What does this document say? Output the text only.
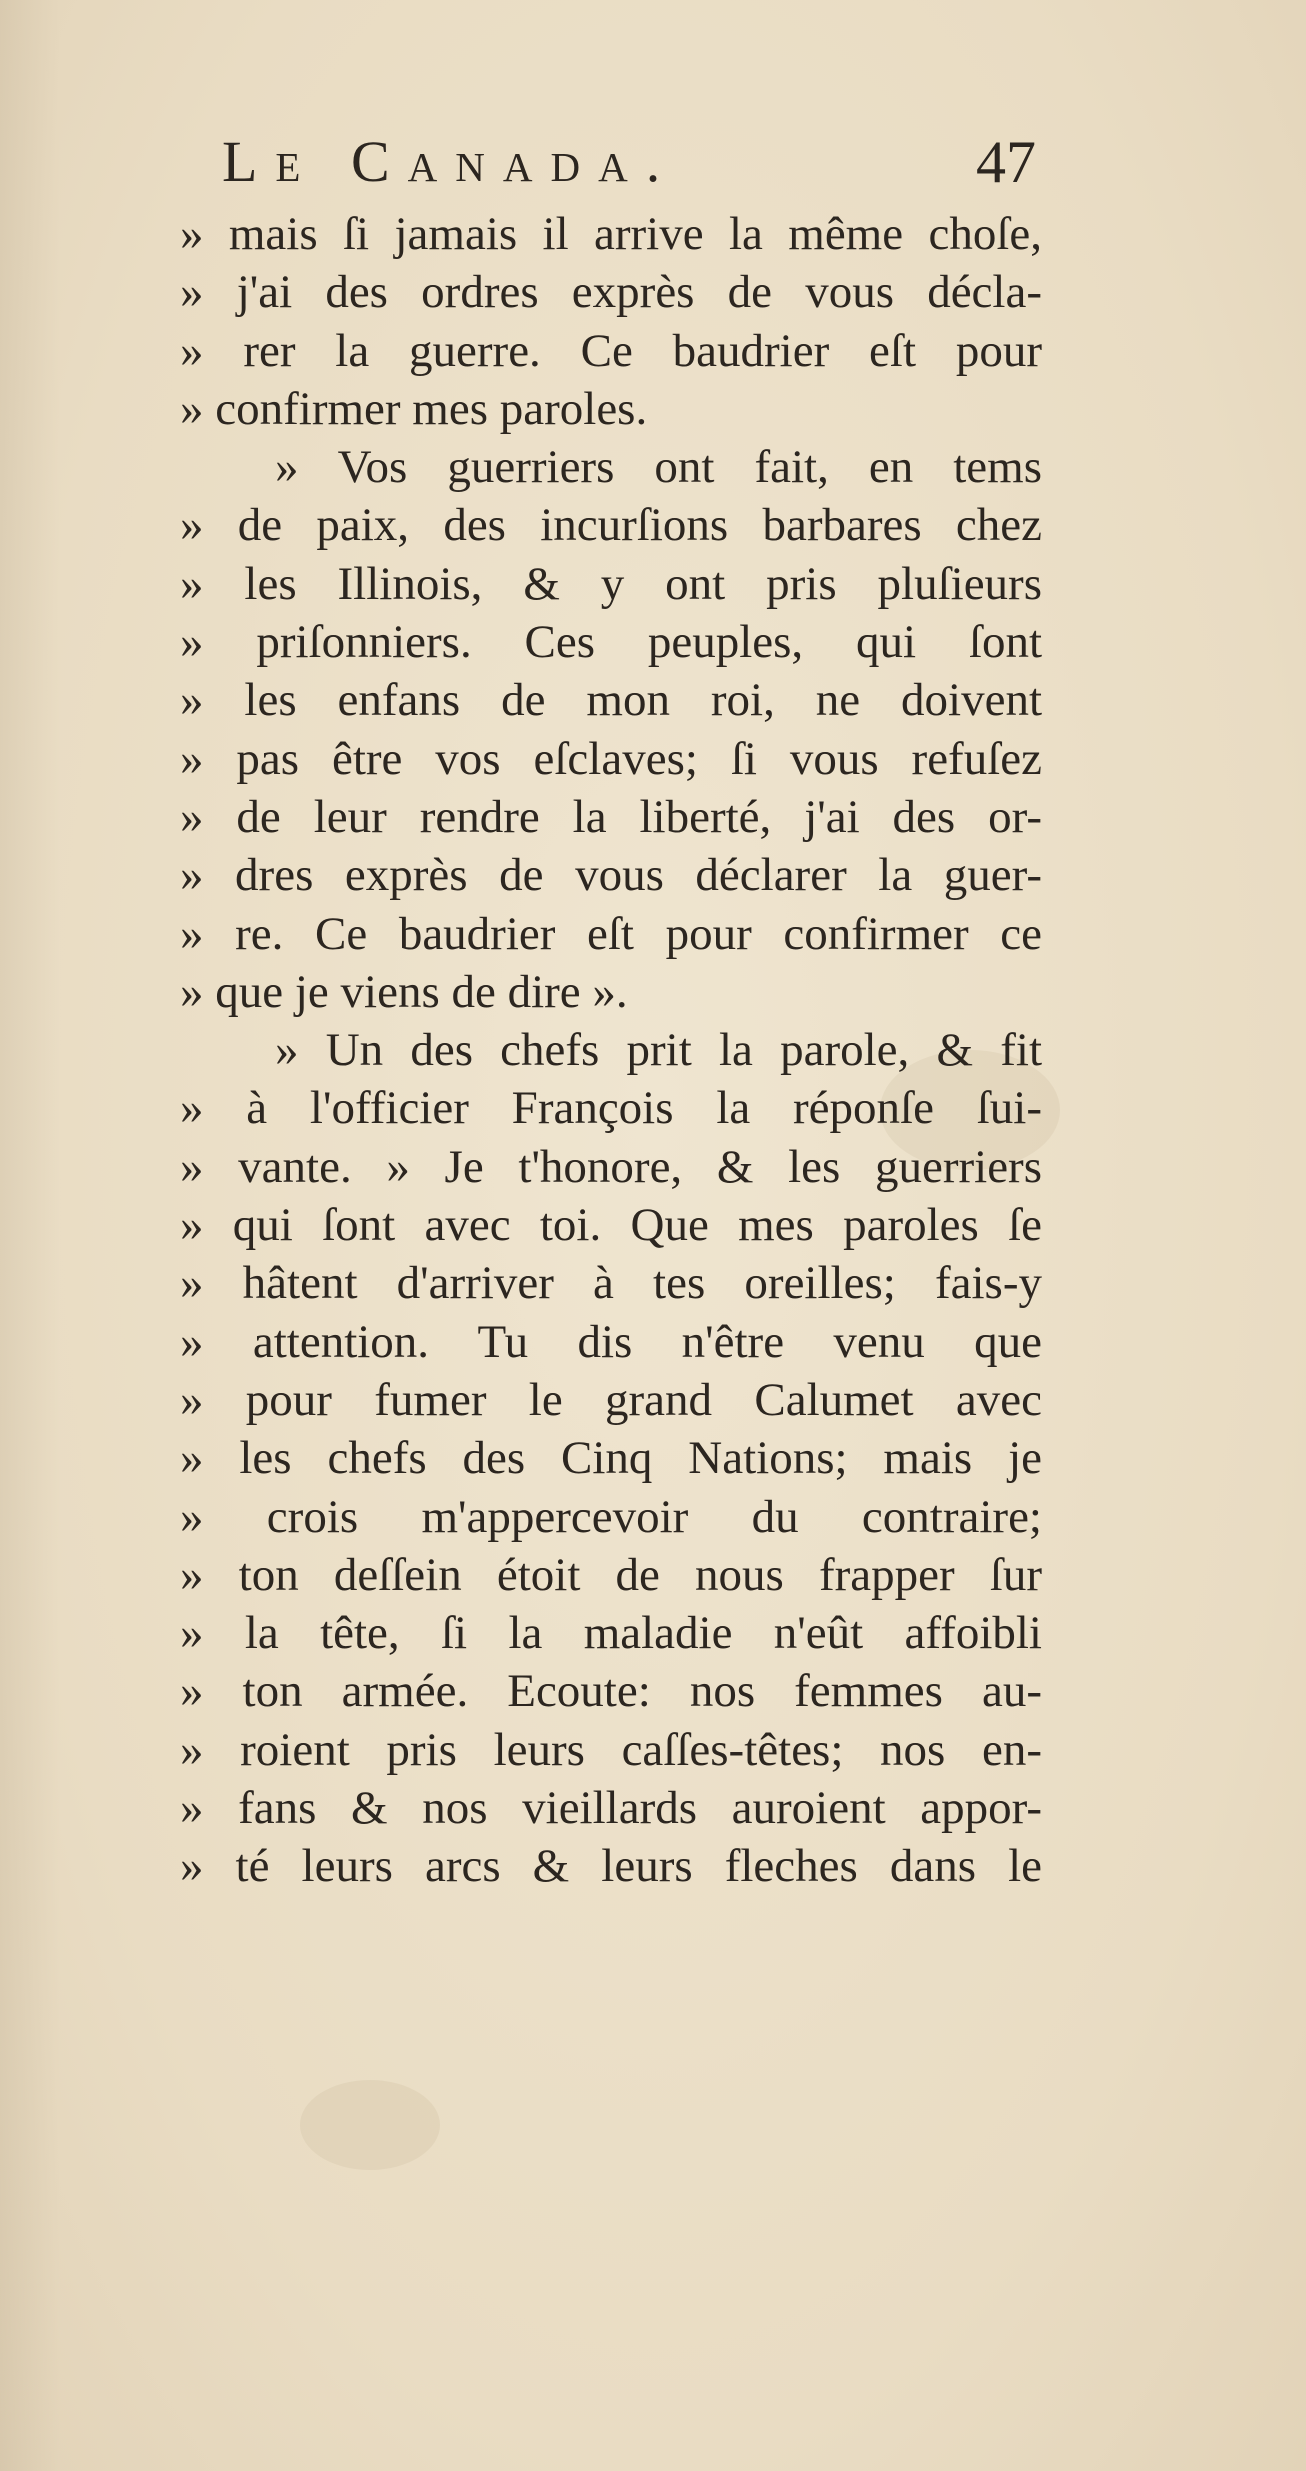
Le Canada.	47
» mais ſi jamais il arrive la même choſe,
» j'ai des ordres exprès de vous décla-
» rer la guerre. Ce baudrier eſt pour
» confirmer mes paroles.
» Vos guerriers ont fait, en tems
» de paix, des incurſions barbares chez
» les Illinois, & y ont pris pluſieurs
» priſonniers. Ces peuples, qui ſont
» les enfans de mon roi, ne doivent
» pas être vos eſclaves; ſi vous refuſez
» de leur rendre la liberté, j'ai des or-
» dres exprès de vous déclarer la guer-
» re. Ce baudrier eſt pour confirmer ce
» que je viens de dire ».
» Un des chefs prit la parole, & fit
» à l'officier François la réponſe ſui-
» vante. » Je t'honore, & les guerriers
» qui ſont avec toi. Que mes paroles ſe
» hâtent d'arriver à tes oreilles; fais-y
» attention. Tu dis n'être venu que
» pour fumer le grand Calumet avec
» les chefs des Cinq Nations; mais je
» crois m'appercevoir du contraire;
» ton deſſein étoit de nous frapper ſur
» la tête, ſi la maladie n'eût affoibli
» ton armée. Ecoute: nos femmes au-
» roient pris leurs caſſes-têtes; nos en-
» fans & nos vieillards auroient appor-
» té leurs arcs & leurs fleches dans le
